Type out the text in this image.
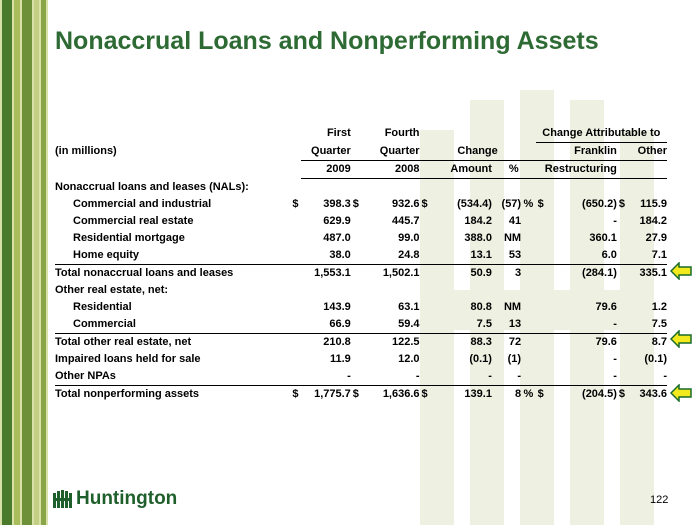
Nonaccrual Loans and Nonperforming Assets
		First		Fourth					Change Attributable to			
(in millions)		Quarter		Quarter	Change				Franklin		Other	
		2009		2008		Amount	%		Restructuring			
Nonaccrual loans and leases (NALs):												
Commercial and industrial	$	398.3	$	932.6	$	(534.4)	(57)	%	$	(650.2)	$	115.9
Commercial real estate		629.9		445.7		184.2	41			-		184.2
Residential mortgage		487.0		99.0		388.0	NM			360.1		27.9
Home equity		38.0		24.8		13.1	53			6.0		7.1
Total nonaccrual loans and leases		1,553.1		1,502.1		50.9	3			(284.1)		335.1
Other real estate, net:												
Residential		143.9		63.1		80.8	NM			79.6		1.2
Commercial		66.9		59.4		7.5	13			-		7.5
Total other real estate, net		210.8		122.5		88.3	72			79.6		8.7
Impaired loans held for sale		11.9		12.0		(0.1)	(1)			-		(0.1)
Other NPAs		-		-		-	-			-		-
Total nonperforming assets	$	1,775.7	$	1,636.6	$	139.1	8	%	$	(204.5)	$	343.6
Huntington	122
